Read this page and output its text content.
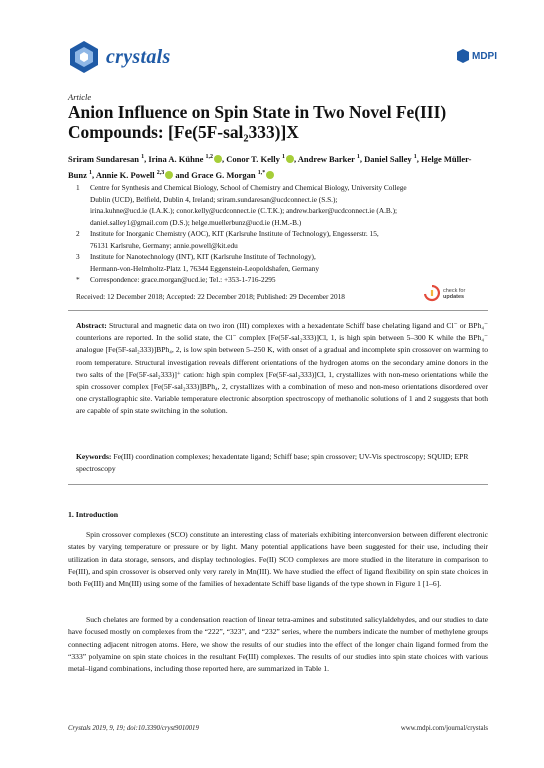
crystals	MDPI
Article
Anion Influence on Spin State in Two Novel Fe(III) Compounds: [Fe(5F-sal₂333)]X
Sriram Sundaresan $^1$, Irina A. Kühne $^{1,2}$ , Conor T. Kelly $^1$ , Andrew Barker $^1$, Daniel Salley $^1$, Helge Müller-Bunz $^1$, Annie K. Powell $^{2,3}$ and Grace G. Morgan $^{1,*}$
1	Centre for Synthesis and Chemical Biology, School of Chemistry and Chemical Biology, University College
Dublin (UCD), Belfield, Dublin 4, Ireland; sriram.sundaresan@ucdconnect.ie (S.S.);
irina.kuhne@ucd.ie (I.A.K.); conor.kelly@ucdconnect.ie (C.T.K.); andrew.barker@ucdconnect.ie (A.B.);
daniel.salley1@gmail.com (D.S.); helge.muellerbunz@ucd.ie (H.M.-B.)
2	Institute for Inorganic Chemistry (AOC), KIT (Karlsruhe Institute of Technology), Engesserstr. 15,
76131 Karlsruhe, Germany; annie.powell@kit.edu
3	Institute for Nanotechnology (INT), KIT (Karlsruhe Institute of Technology),
Hermann-von-Helmholtz-Platz 1, 76344 Eggenstein-Leopoldshafen, Germany
*	Correspondence: grace.morgan@ucd.ie; Tel.: +353-1-716-2295
Received: 12 December 2018; Accepted: 22 December 2018; Published: 29 December 2018
check for
updates
Abstract: Structural and magnetic data on two iron (III) complexes with a hexadentate Schiff base chelating ligand and Cl⁻ or BPh₄⁻ counterions are reported. In the solid state, the Cl⁻ complex [Fe(5F-sal₂333)]Cl, 1, is high spin between 5–300 K while the BPh₄⁻ analogue [Fe(5F-sal₂333)]BPh₄, 2, is low spin between 5–250 K, with onset of a gradual and incomplete spin crossover on warming to room temperature. Structural investigation reveals different orientations of the hydrogen atoms on the secondary amine donors in the two salts of the [Fe(5F-sal₂333)]⁺ cation: high spin complex [Fe(5F-sal₂333)]Cl, 1, crystallizes with non-meso orientations while the spin crossover complex [Fe(5F-sal₂333)]BPh₄, 2, crystallizes with a combination of meso and non-meso orientations disordered over one crystallographic site. Variable temperature electronic absorption spectroscopy of methanolic solutions of 1 and 2 suggests that both are capable of spin state switching in the solution.
Keywords: Fe(III) coordination complexes; hexadentate ligand; Schiff base; spin crossover; UV-Vis spectroscopy; SQUID; EPR spectroscopy
1. Introduction
Spin crossover complexes (SCO) constitute an interesting class of materials exhibiting interconversion between different electronic states by varying temperature or pressure or by light. Many potential applications have been suggested for their use, including their utilization in data storage, sensors, and display technologies. Fe(II) SCO complexes are more studied in the literature in comparison to Fe(III), and spin crossover is observed only very rarely in Mn(III). We have studied the effect of ligand flexibility on spin state choices in both Fe(III) and Mn(III) using some of the families of hexadentate Schiff base ligands of the type shown in Figure 1 [1–6].
Such chelates are formed by a condensation reaction of linear tetra-amines and substituted salicylaldehydes, and our studies to date have focused mostly on complexes from the “222”, “323”, and “232” series, where the numbers indicate the number of methylene groups connecting adjacent nitrogen atoms. Here, we show the results of our studies into the effect of the longer chain ligand formed from the “333” polyamine on spin state choices in the resultant Fe(III) complexes. The results of our studies into spin state choices with various metal–ligand combinations, including those reported here, are summarized in Table 1.
Crystals 2019, 9, 19; doi:10.3390/cryst9010019	www.mdpi.com/journal/crystals
